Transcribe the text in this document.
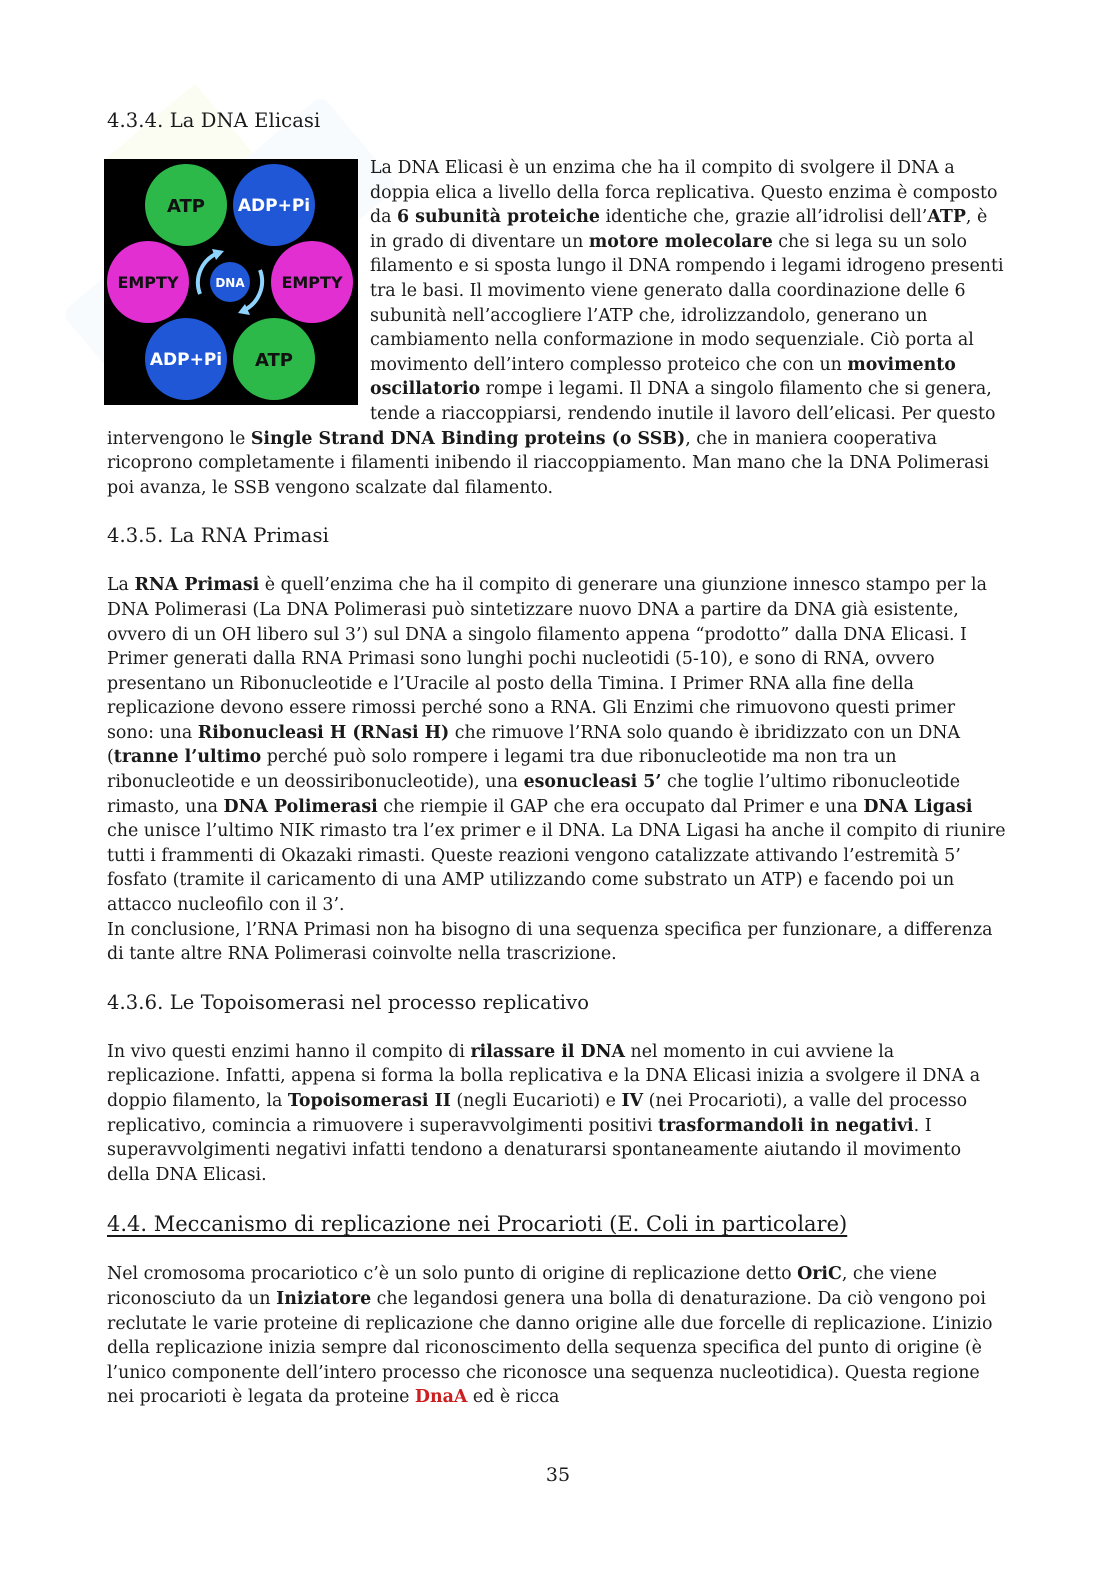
4.3.4. La DNA Elicasi
ATP ADP+Pi
EMPTY	DNA EMPTY
ADP+Pi ATP

La DNA Elicasi è un enzima che ha il compito di svolgere il DNA a doppia elica a livello della forca replicativa. Questo enzima è composto da 6 subunità proteiche identiche che, grazie all’idrolisi dell’ATP, è in grado di diventare un motore molecolare che si lega su un solo filamento e si sposta lungo il DNA rompendo i legami idrogeno presenti tra le basi. Il movimento viene generato dalla coordinazione delle 6 subunità nell’accogliere l’ATP che, idrolizzandolo, generano un cambiamento nella conformazione in modo sequenziale. Ciò porta al movimento dell’intero complesso proteico che con un movimento oscillatorio rompe i legami. Il DNA a singolo filamento che si genera, tende a riaccoppiarsi, rendendo inutile il lavoro dell’elicasi. Per questo intervengono le Single Strand DNA Binding proteins (o SSB), che in maniera cooperativa ricoprono completamente i filamenti inibendo il riaccoppiamento. Man mano che la DNA Polimerasi poi avanza, le SSB vengono scalzate dal filamento.

4.3.5. La RNA Primasi

La RNA Primasi è quell’enzima che ha il compito di generare una giunzione innesco stampo per la DNA Polimerasi (La DNA Polimerasi può sintetizzare nuovo DNA a partire da DNA già esistente, ovvero di un OH libero sul 3’) sul DNA a singolo filamento appena “prodotto” dalla DNA Elicasi. I Primer generati dalla RNA Primasi sono lunghi pochi nucleotidi (5-10), e sono di RNA, ovvero presentano un Ribonucleotide e l’Uracile al posto della Timina. I Primer RNA alla fine della replicazione devono essere rimossi perché sono a RNA. Gli Enzimi che rimuovono questi primer sono: una Ribonucleasi H (RNasi H) che rimuove l’RNA solo quando è ibridizzato con un DNA (tranne l’ultimo perché può solo rompere i legami tra due ribonucleotide ma non tra un ribonucleotide e un deossiribonucleotide), una esonucleasi 5’ che toglie l’ultimo ribonucleotide rimasto, una DNA Polimerasi che riempie il GAP che era occupato dal Primer e una DNA Ligasi che unisce l’ultimo NIK rimasto tra l’ex primer e il DNA. La DNA Ligasi ha anche il compito di riunire tutti i frammenti di Okazaki rimasti. Queste reazioni vengono catalizzate attivando l’estremità 5’ fosfato (tramite il caricamento di una AMP utilizzando come substrato un ATP) e facendo poi un attacco nucleofilo con il 3’.

In conclusione, l’RNA Primasi non ha bisogno di una sequenza specifica per funzionare, a differenza di tante altre RNA Polimerasi coinvolte nella trascrizione.

4.3.6. Le Topoisomerasi nel processo replicativo

In vivo questi enzimi hanno il compito di rilassare il DNA nel momento in cui avviene la replicazione. Infatti, appena si forma la bolla replicativa e la DNA Elicasi inizia a svolgere il DNA a doppio filamento, la Topoisomerasi II (negli Eucarioti) e IV (nei Procarioti), a valle del processo replicativo, comincia a rimuovere i superavvolgimenti positivi trasformandoli in negativi. I superavvolgimenti negativi infatti tendono a denaturarsi spontaneamente aiutando il movimento della DNA Elicasi.

4.4. Meccanismo di replicazione nei Procarioti (E. Coli in particolare)

Nel cromosoma procariotico c’è un solo punto di origine di replicazione detto OriC, che viene riconosciuto da un Iniziatore che legandosi genera una bolla di denaturazione. Da ciò vengono poi reclutate le varie proteine di replicazione che danno origine alle due forcelle di replicazione. L’inizio della replicazione inizia sempre dal riconoscimento della sequenza specifica del punto di origine (è l’unico componente dell’intero processo che riconosce una sequenza nucleotidica). Questa regione nei procarioti è legata da proteine DnaA ed è ricca

35
